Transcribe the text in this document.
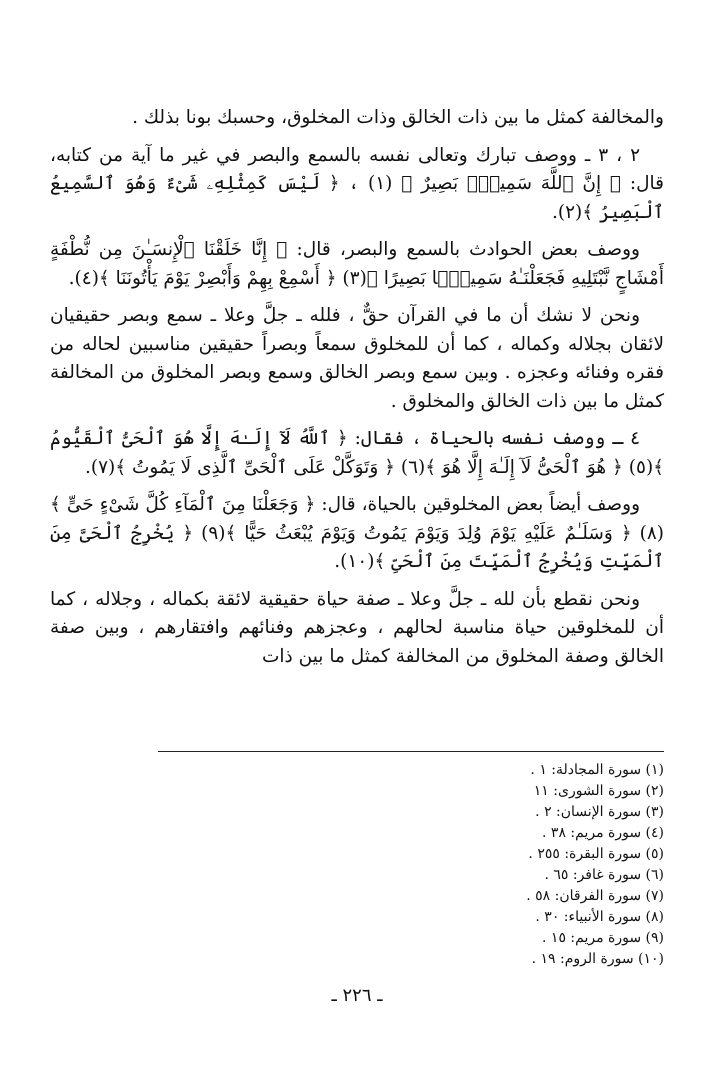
والمخالفة كمثل ما بين ذات الخالق وذات المخلوق، وحسبك بونا بذلك .

٢ ، ٣ ـ ووصف تبارك وتعالى نفسه بالسمع والبصر في غير ما آية من كتابه، قال: ﴿ إِنَّ ٱللَّهَ سَمِيعُۢ بَصِيرٌ ﴾ (١) ، ﴿ لَيْسَ كَمِثْلِهِۦ شَىْءٌ وَهُوَ ٱلسَّمِيعُ ٱلْبَصِيرُ ﴾(٢).

ووصف بعض الحوادث بالسمع والبصر، قال: ﴿ إِنَّا خَلَقْنَا ٱلْإِنسَـٰنَ مِن نُّطْفَةٍ أَمْشَاجٍ نَّبْتَلِيهِ فَجَعَلْنَـٰهُ سَمِيعًۢا بَصِيرًا ﴾(٣) ﴿ أَسْمِعْ بِهِمْ وَأَبْصِرْ يَوْمَ يَأْتُونَنَا ﴾(٤).

ونحن لا نشك أن ما في القرآن حقٌّ ، فلله ـ جلَّ وعلا ـ سمع وبصر حقيقيان لائقان بجلاله وكماله ، كما أن للمخلوق سمعاً وبصراً حقيقين مناسبين لحاله من فقره وفنائه وعجزه . وبين سمع وبصر الخالق وسمع وبصر المخلوق من المخالفة كمثل ما بين ذات الخالق والمخلوق .

٤ ـ ووصف نفسه بالحياة ، فقال: ﴿ ٱللَّهُ لَآ إِلَـٰهَ إِلَّا هُوَ ٱلْحَىُّ ٱلْقَيُّومُ ﴾(٥) ﴿ هُوَ ٱلْحَىُّ لَآ إِلَـٰهَ إِلَّا هُوَ ﴾(٦) ﴿ وَتَوَكَّلْ عَلَى ٱلْحَىِّ ٱلَّذِى لَا يَمُوتُ ﴾(٧).

ووصف أيضاً بعض المخلوقين بالحياة، قال: ﴿ وَجَعَلْنَا مِنَ ٱلْمَآءِ كُلَّ شَىْءٍ حَىٍّ ﴾(٨) ﴿ وَسَلَـٰمٌ عَلَيْهِ يَوْمَ وُلِدَ وَيَوْمَ يَمُوتُ وَيَوْمَ يُبْعَثُ حَيًّا ﴾(٩) ﴿ يُخْرِجُ ٱلْحَىَّ مِنَ ٱلْمَيِّتِ وَيُخْرِجُ ٱلْمَيِّتَ مِنَ ٱلْحَىِّ ﴾(١٠).

ونحن نقطع بأن لله ـ جلَّ وعلا ـ صفة حياة حقيقية لائقة بكماله ، وجلاله ، كما أن للمخلوقين حياة مناسبة لحالهم ، وعجزهم وفنائهم وافتقارهم ، وبين صفة الخالق وصفة المخلوق من المخالفة كمثل ما بين ذات

(١) سورة المجادلة: ١ .
(٢) سورة الشورى: ١١
(٣) سورة الإنسان: ٢ .
(٤) سورة مريم: ٣٨ .
(٥) سورة البقرة: ٢٥٥ .
(٦) سورة غافر: ٦٥ .
(٧) سورة الفرقان: ٥٨ .
(٨) سورة الأنبياء: ٣٠ .
(٩) سورة مريم: ١٥ .
(١٠) سورة الروم: ١٩ .
ـ ٢٢٦ ـ
